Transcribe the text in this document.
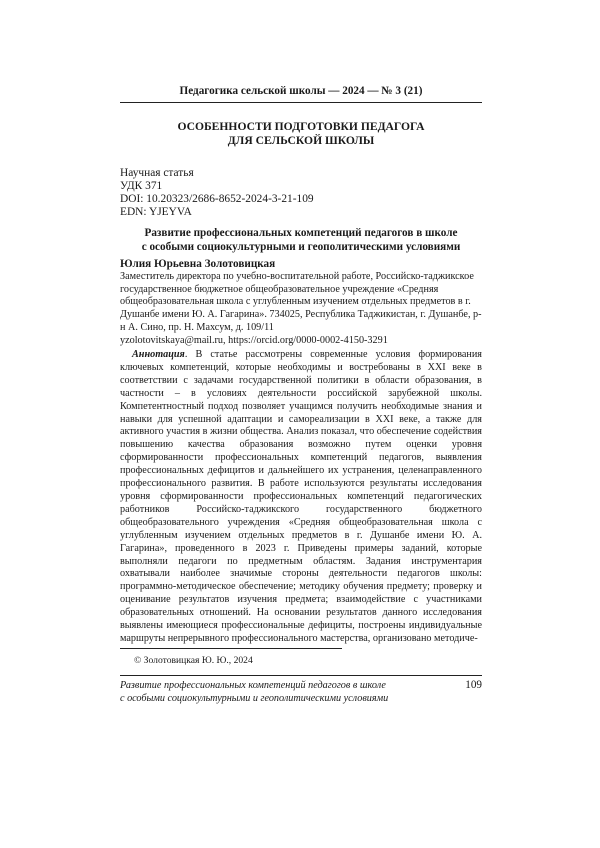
Педагогика сельской школы — 2024 — № 3 (21)
ОСОБЕННОСТИ ПОДГОТОВКИ ПЕДАГОГА
ДЛЯ СЕЛЬСКОЙ ШКОЛЫ
Научная статья
УДК 371
DOI: 10.20323/2686-8652-2024-3-21-109
EDN: YJEYVA
Развитие профессиональных компетенций педагогов в школе
с особыми социокультурными и геополитическими условиями
Юлия Юрьевна Золотовицкая
Заместитель директора по учебно-воспитательной работе, Российско-таджикское государственное бюджетное общеобразовательное учреждение «Средняя общеобразовательная школа с углубленным изучением отдельных предметов в г. Душанбе имени Ю. А. Гагарина». 734025, Республика Таджикистан, г. Душанбе, р-н А. Сино, пр. Н. Махсум, д. 109/11
yzolotovitskaya@mail.ru, https://orcid.org/0000-0002-4150-3291
Аннотация. В статье рассмотрены современные условия формирования ключевых компетенций, которые необходимы и востребованы в XXI веке в соответствии с задачами государственной политики в области образования, в частности – в условиях деятельности российской зарубежной школы. Компетентностный подход позволяет учащимся получить необходимые знания и навыки для успешной адаптации и самореализации в XXI веке, а также для активного участия в жизни общества. Анализ показал, что обеспечение содействия повышению качества образования возможно путем оценки уровня сформированности профессиональных компетенций педагогов, выявления профессиональных дефицитов и дальнейшего их устранения, целенаправленного профессионального развития. В работе используются результаты исследования уровня сформированности профессиональных компетенций педагогических работников Российско-таджикского государственного бюджетного общеобразовательного учреждения «Средняя общеобразовательная школа с углубленным изучением отдельных предметов в г. Душанбе имени Ю. А. Гагарина», проведенного в 2023 г. Приведены примеры заданий, которые выполняли педагоги по предметным областям. Задания инструментария охватывали наиболее значимые стороны деятельности педагогов школы: программно-методическое обеспечение; методику обучения предмету; проверку и оценивание результатов изучения предмета; взаимодействие с участниками образовательных отношений. На основании результатов данного исследования выявлены имеющиеся профессиональные дефициты, построены индивидуальные маршруты непрерывного профессионального мастерства, организовано методиче-
© Золотовицкая Ю. Ю., 2024
Развитие профессиональных компетенций педагогов в школе
с особыми социокультурными и геополитическими условиями
109
